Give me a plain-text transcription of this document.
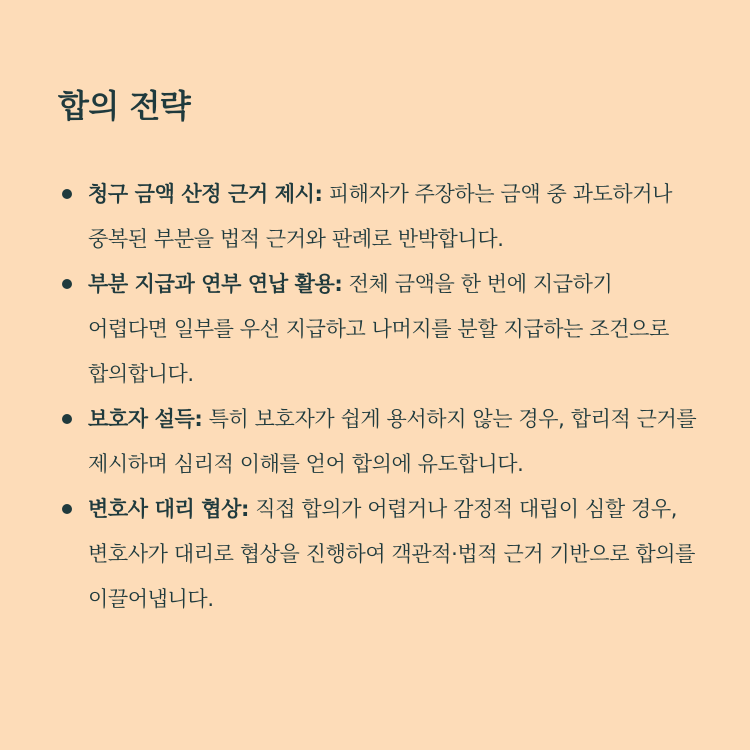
합의 전략
청구 금액 산정 근거 제시: 피해자가 주장하는 금액 중 과도하거나 중복된 부분을 법적 근거와 판례로 반박합니다.
부분 지급과 연부 연납 활용: 전체 금액을 한 번에 지급하기 어렵다면 일부를 우선 지급하고 나머지를 분할 지급하는 조건으로 합의합니다.
보호자 설득: 특히 보호자가 쉽게 용서하지 않는 경우, 합리적 근거를 제시하며 심리적 이해를 얻어 합의에 유도합니다.
변호사 대리 협상: 직접 합의가 어렵거나 감정적 대립이 심할 경우, 변호사가 대리로 협상을 진행하여 객관적·법적 근거 기반으로 합의를 이끌어냅니다.
